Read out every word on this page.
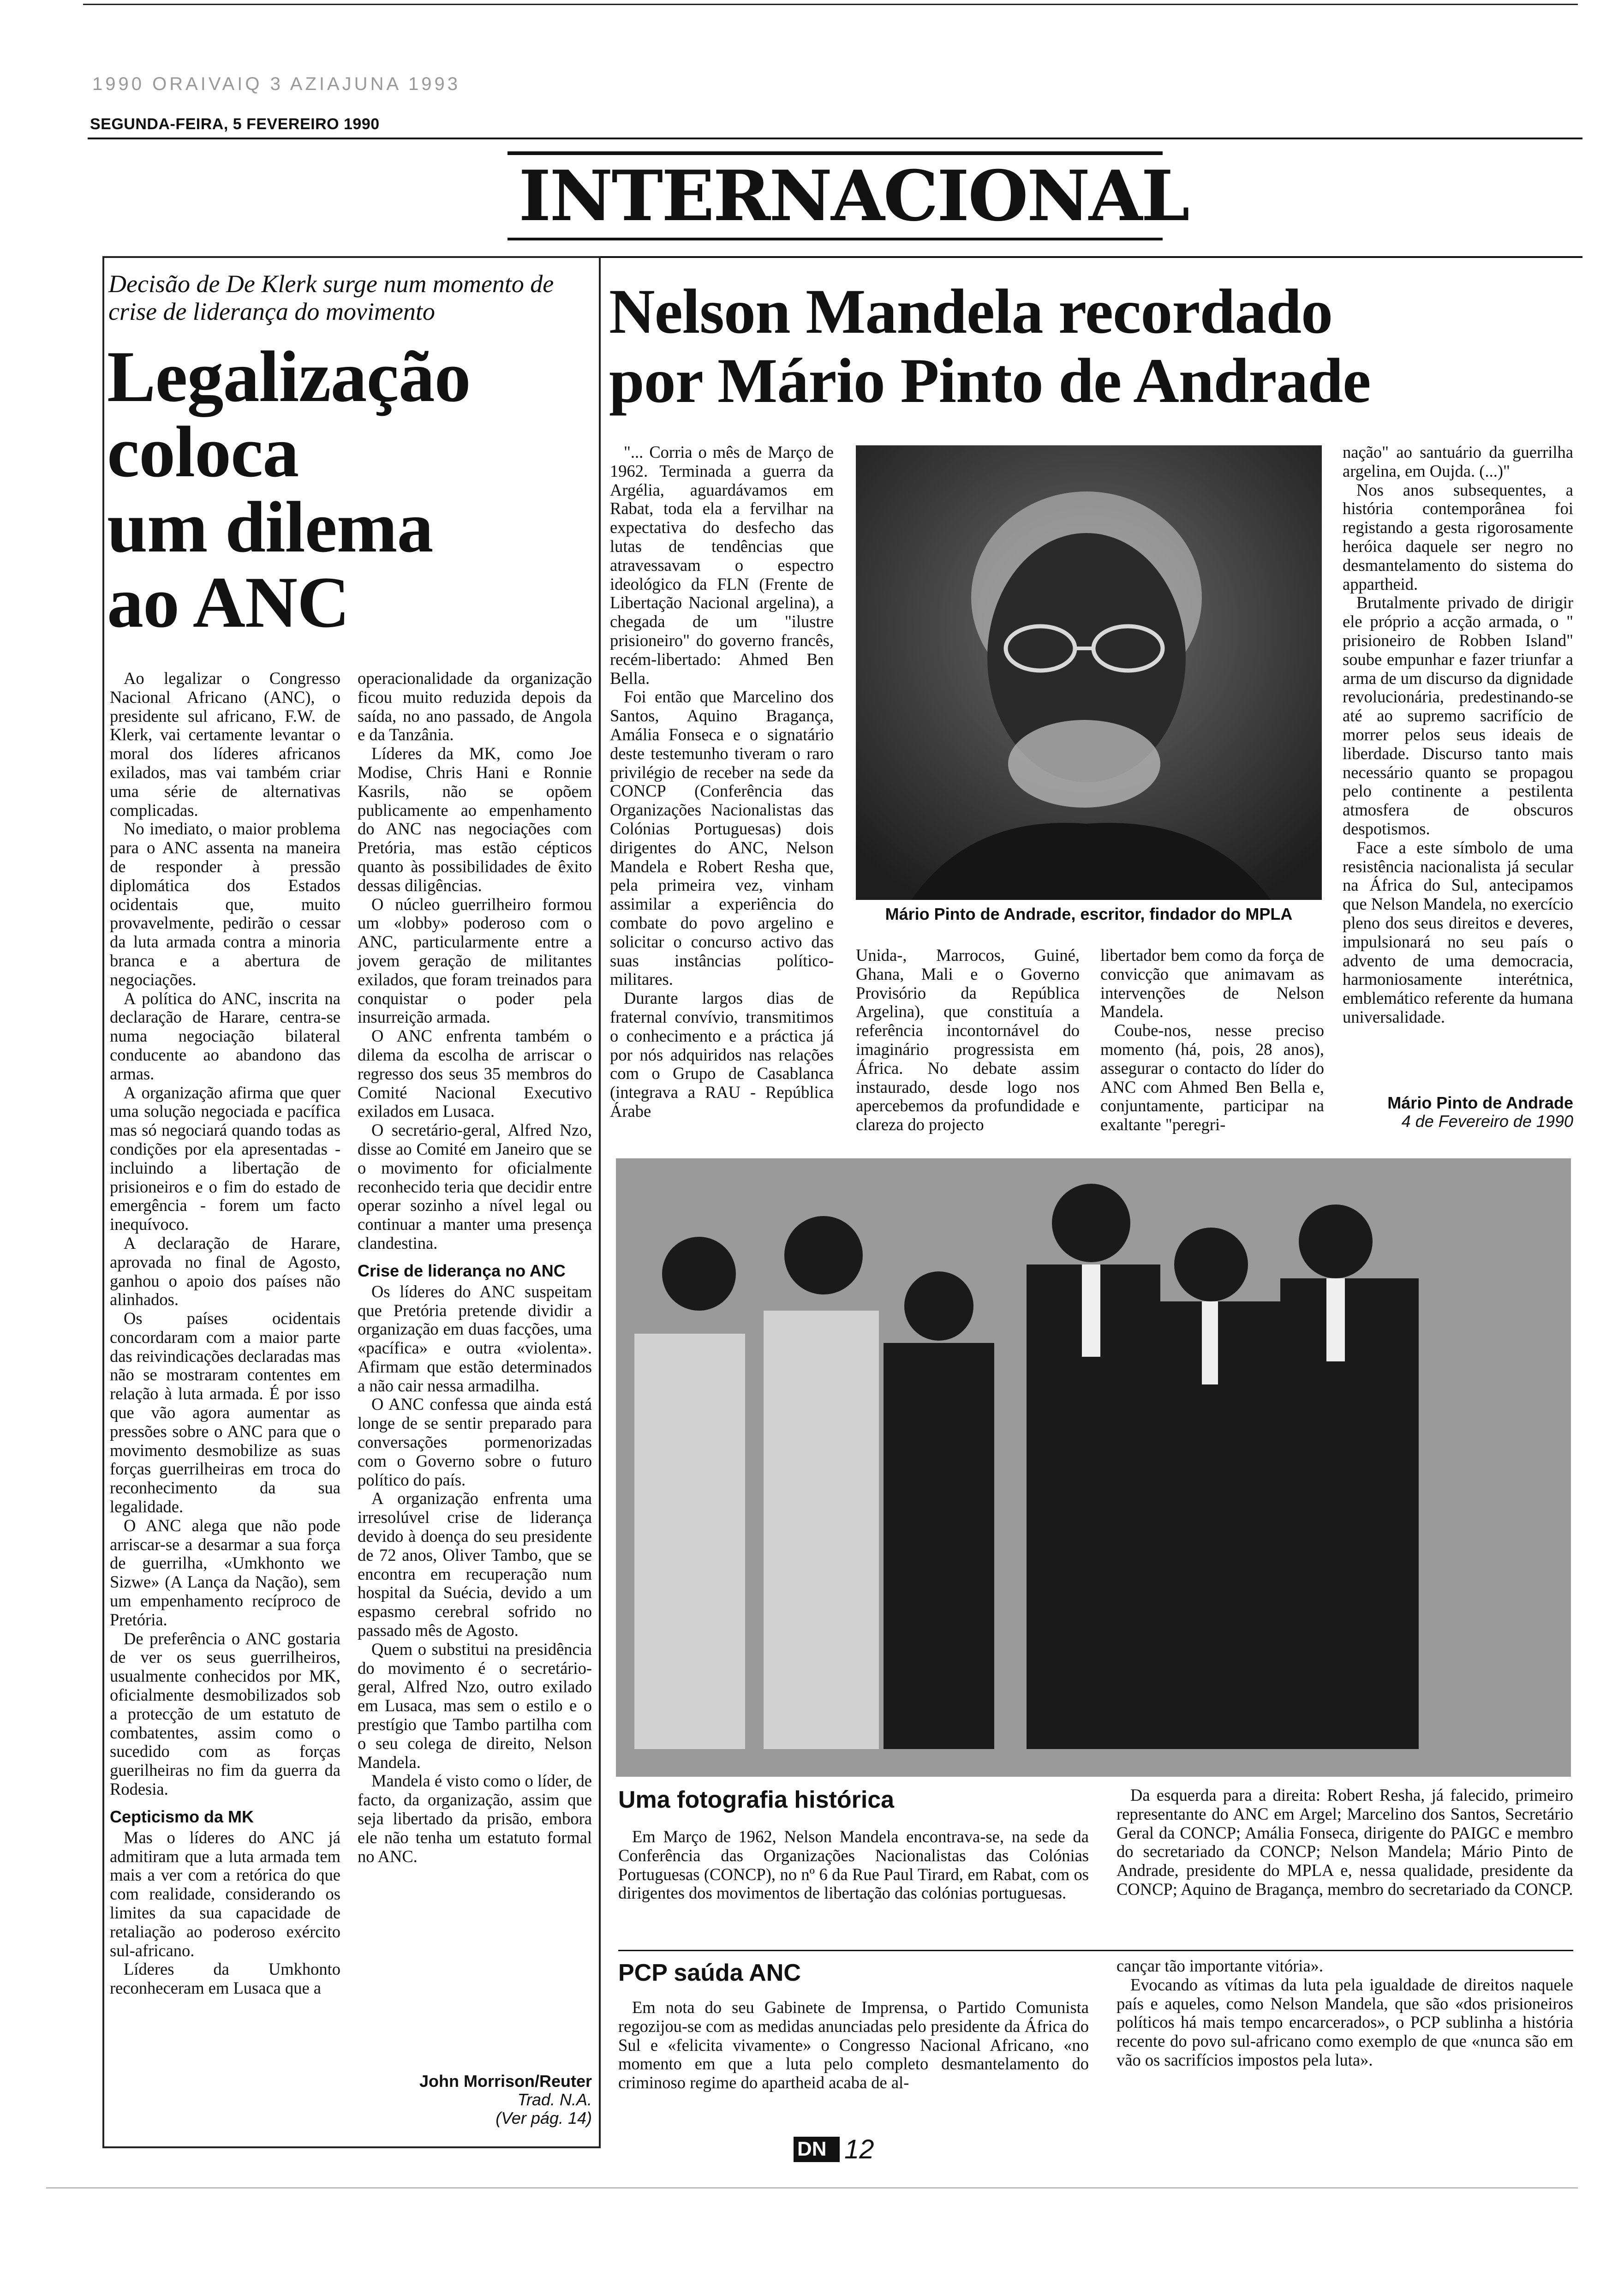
1990 ORAIVAIQ 3 AZIAJUNA 1993
SEGUNDA-FEIRA, 5 FEVEREIRO 1990
INTERNACIONAL
Decisão de De Klerk surge num momento de crise de liderança do movimento
Legalização
coloca
um dilema
ao ANC

Ao legalizar o Congresso Nacional Africano (ANC), o presidente sul africano, F.W. de Klerk, vai certamente levantar o moral dos líderes africanos exilados, mas vai também criar uma série de alternativas complicadas.

No imediato, o maior problema para o ANC assenta na maneira de responder à pressão diplomática dos Estados ocidentais que, muito provavelmente, pedirão o cessar da luta armada contra a minoria branca e a abertura de negociações.

A política do ANC, inscrita na declaração de Harare, centra-se numa negociação bilateral conducente ao abandono das armas.

A organização afirma que quer uma solução negociada e pacífica mas só negociará quando todas as condições por ela apresentadas - incluindo a libertação de prisioneiros e o fim do estado de emergência - forem um facto inequívoco.

A declaração de Harare, aprovada no final de Agosto, ganhou o apoio dos países não alinhados.

Os países ocidentais concordaram com a maior parte das reivindicações declaradas mas não se mostraram contentes em relação à luta armada. É por isso que vão agora aumentar as pressões sobre o ANC para que o movimento desmobilize as suas forças guerrilheiras em troca do reconhecimento da sua legalidade.

O ANC alega que não pode arriscar-se a desarmar a sua força de guerrilha, «Umkhonto we Sizwe» (A Lança da Nação), sem um empenhamento recíproco de Pretória.

De preferência o ANC gostaria de ver os seus guerrilheiros, usualmente conhecidos por MK, oficialmente desmobilizados sob a protecção de um estatuto de combatentes, assim como o sucedido com as forças guerilheiras no fim da guerra da Rodesia.

Cepticismo da MK

Mas o líderes do ANC já admitiram que a luta armada tem mais a ver com a retórica do que com realidade, considerando os limites da sua capacidade de retaliação ao poderoso exército sul-africano.

Líderes da Umkhonto reconheceram em Lusaca que a

operacionalidade da organização ficou muito reduzida depois da saída, no ano passado, de Angola e da Tanzânia.

Líderes da MK, como Joe Modise, Chris Hani e Ronnie Kasrils, não se opõem publicamente ao empenhamento do ANC nas negociações com Pretória, mas estão cépticos quanto às possibilidades de êxito dessas diligências.

O núcleo guerrilheiro formou um «lobby» poderoso com o ANC, particularmente entre a jovem geração de militantes exilados, que foram treinados para conquistar o poder pela insurreição armada.

O ANC enfrenta também o dilema da escolha de arriscar o regresso dos seus 35 membros do Comité Nacional Executivo exilados em Lusaca.

O secretário-geral, Alfred Nzo, disse ao Comité em Janeiro que se o movimento for oficialmente reconhecido teria que decidir entre operar sozinho a nível legal ou continuar a manter uma presença clandestina.

Crise de liderança no ANC

Os líderes do ANC suspeitam que Pretória pretende dividir a organização em duas facções, uma «pacífica» e outra «violenta». Afirmam que estão determinados a não cair nessa armadilha.

O ANC confessa que ainda está longe de se sentir preparado para conversações pormenorizadas com o Governo sobre o futuro político do país.

A organização enfrenta uma irresolúvel crise de liderança devido à doença do seu presidente de 72 anos, Oliver Tambo, que se encontra em recuperação num hospital da Suécia, devido a um espasmo cerebral sofrido no passado mês de Agosto.

Quem o substitui na presidência do movimento é o secretário-geral, Alfred Nzo, outro exilado em Lusaca, mas sem o estilo e o prestígio que Tambo partilha com o seu colega de direito, Nelson Mandela.

Mandela é visto como o líder, de facto, da organização, assim que seja libertado da prisão, embora ele não tenha um estatuto formal no ANC.

John Morrison/Reuter
Trad. N.A.
(Ver pág. 14)
Nelson Mandela recordado
por Mário Pinto de Andrade

"... Corria o mês de Março de 1962. Terminada a guerra da Argélia, aguardávamos em Rabat, toda ela a fervilhar na expectativa do desfecho das lutas de tendências que atravessavam o espectro ideológico da FLN (Frente de Libertação Nacional argelina), a chegada de um "ilustre prisioneiro" do governo francês, recém-libertado: Ahmed Ben Bella.

Foi então que Marcelino dos Santos, Aquino Bragança, Amália Fonseca e o signatário deste testemunho tiveram o raro privilégio de receber na sede da CONCP (Conferência das Organizações Nacionalistas das Colónias Portuguesas) dois dirigentes do ANC, Nelson Mandela e Robert Resha que, pela primeira vez, vinham assimilar a experiência do combate do povo argelino e solicitar o concurso activo das suas instâncias político-militares.

Durante largos dias de fraternal convívio, transmitimos o conhecimento e a práctica já por nós adquiridos nas relações com o Grupo de Casablanca (integrava a RAU - República Árabe

Mário Pinto de Andrade, escritor, findador do MPLA

Unida-, Marrocos, Guiné, Ghana, Mali e o Governo Provisório da República Argelina), que constituía a referência incontornável do imaginário progressista em África. No debate assim instaurado, desde logo nos apercebemos da profundidade e clareza do projecto

libertador bem como da força de convicção que animavam as intervenções de Nelson Mandela.

Coube-nos, nesse preciso momento (há, pois, 28 anos), assegurar o contacto do líder do ANC com Ahmed Ben Bella e, conjuntamente, participar na exaltante "peregri-

nação" ao santuário da guerrilha argelina, em Oujda. (...)"

Nos anos subsequentes, a história contemporânea foi registando a gesta rigorosamente heróica daquele ser negro no desmantelamento do sistema do appartheid.

Brutalmente privado de dirigir ele próprio a acção armada, o " prisioneiro de Robben Island" soube empunhar e fazer triunfar a arma de um discurso da dignidade revolucionária, predestinando-se até ao supremo sacrifício de morrer pelos seus ideais de liberdade. Discurso tanto mais necessário quanto se propagou pelo continente a pestilenta atmosfera de obscuros despotismos.

Face a este símbolo de uma resistência nacionalista já secular na África do Sul, antecipamos que Nelson Mandela, no exercício pleno dos seus direitos e deveres, impulsionará no seu país o advento de uma democracia, harmoniosamente interétnica, emblemático referente da humana universalidade.

Mário Pinto de Andrade
4 de Fevereiro de 1990
Uma fotografia histórica

Em Março de 1962, Nelson Mandela encontrava-se, na sede da Conferência das Organizações Nacionalistas das Colónias Portuguesas (CONCP), no nº 6 da Rue Paul Tirard, em Rabat, com os dirigentes dos movimentos de libertação das colónias portuguesas.

Da esquerda para a direita: Robert Resha, já falecido, primeiro representante do ANC em Argel; Marcelino dos Santos, Secretário Geral da CONCP; Amália Fonseca, dirigente do PAIGC e membro do secretariado da CONCP; Nelson Mandela; Mário Pinto de Andrade, presidente do MPLA e, nessa qualidade, presidente da CONCP; Aquino de Bragança, membro do secretariado da CONCP.

PCP saúda ANC

Em nota do seu Gabinete de Imprensa, o Partido Comunista regozijou-se com as medidas anunciadas pelo presidente da África do Sul e «felicita vivamente» o Congresso Nacional Africano, «no momento em que a luta pelo completo desmantelamento do criminoso regime do apartheid acaba de al-

cançar tão importante vitória».

Evocando as vítimas da luta pela igualdade de direitos naquele país e aqueles, como Nelson Mandela, que são «dos prisioneiros políticos há mais tempo encarcerados», o PCP sublinha a história recente do povo sul-africano como exemplo de que «nunca são em vão os sacrifícios impostos pela luta».

DN 12
